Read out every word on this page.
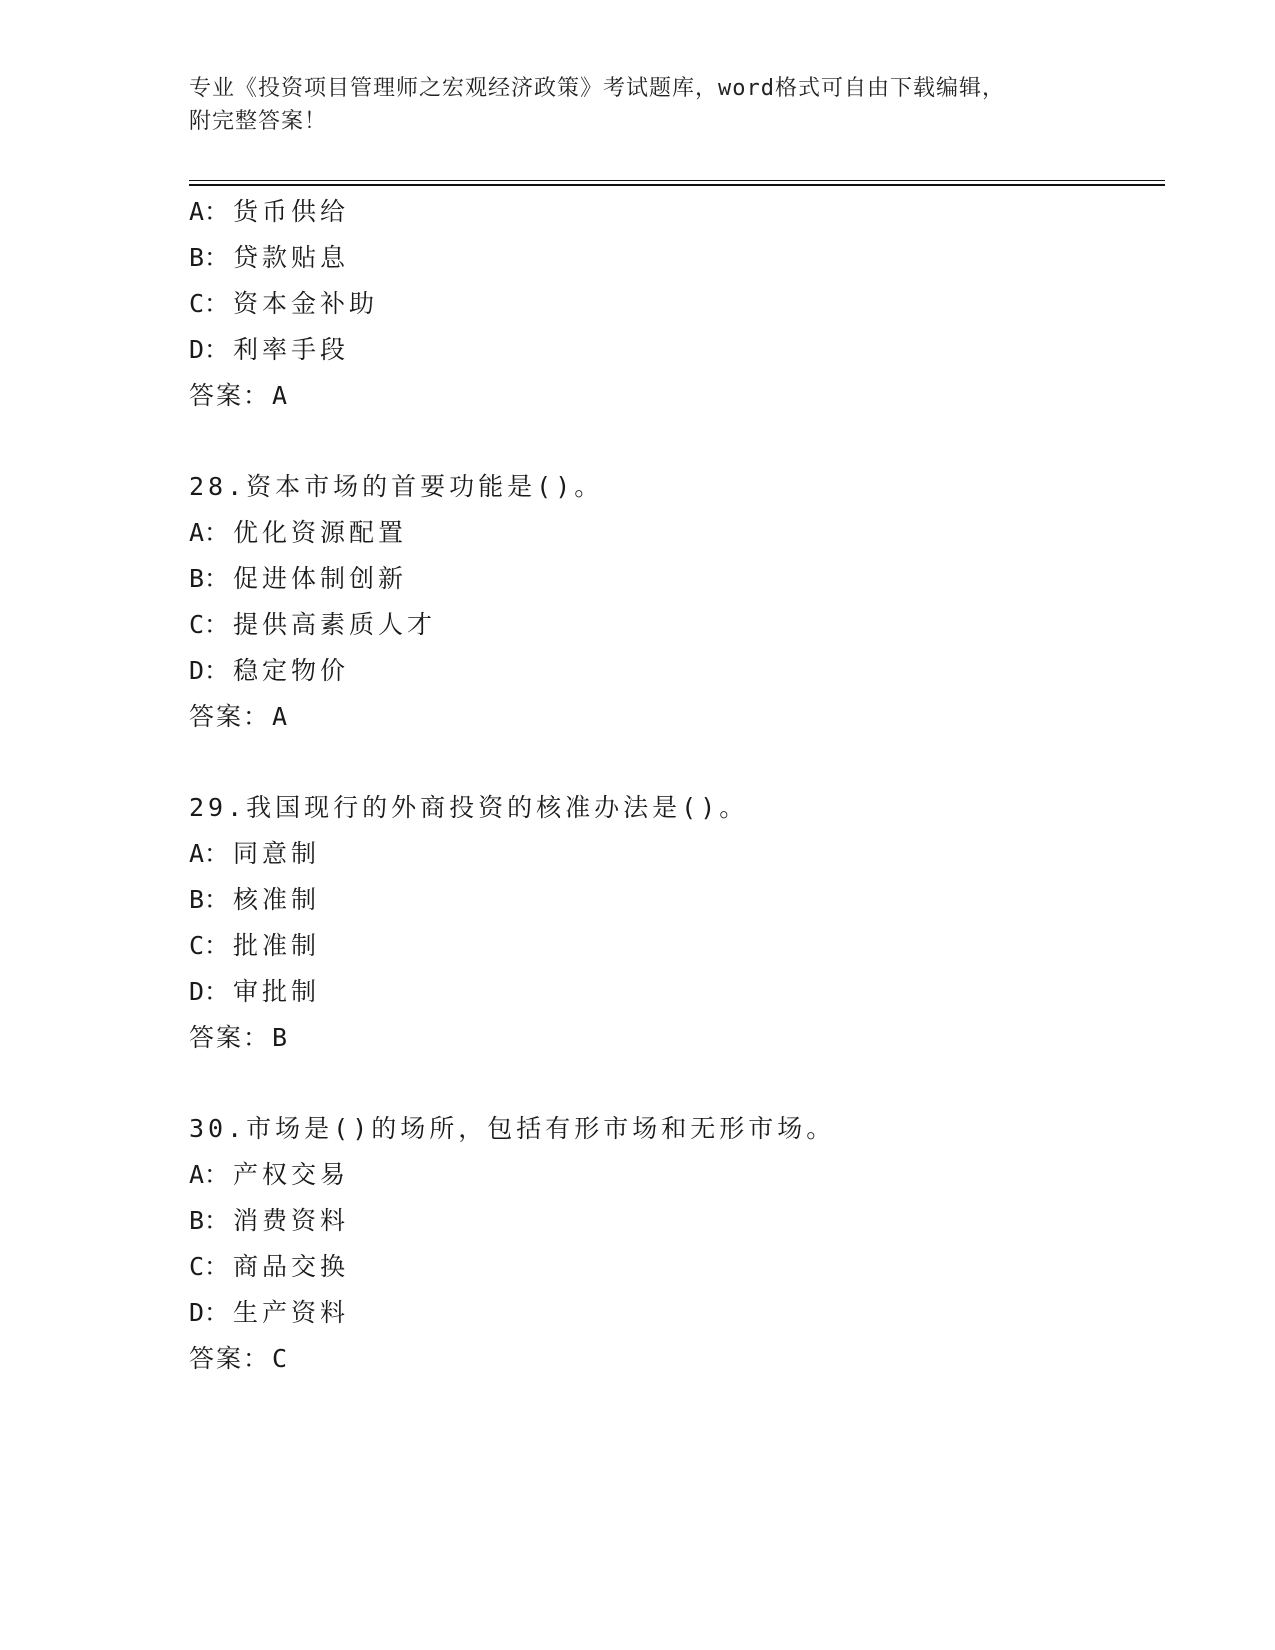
专业《投资项目管理师之宏观经济政策》考试题库，word格式可自由下载编辑，
附完整答案！
A： 货币供给
B： 贷款贴息
C： 资本金补助
D： 利率手段
答案：A
28.资本市场的首要功能是()。
A： 优化资源配置
B： 促进体制创新
C： 提供高素质人才
D： 稳定物价
答案：A
29.我国现行的外商投资的核准办法是()。
A： 同意制
B： 核准制
C： 批准制
D： 审批制
答案：B
30.市场是()的场所，包括有形市场和无形市场。
A： 产权交易
B： 消费资料
C： 商品交换
D： 生产资料
答案：C
